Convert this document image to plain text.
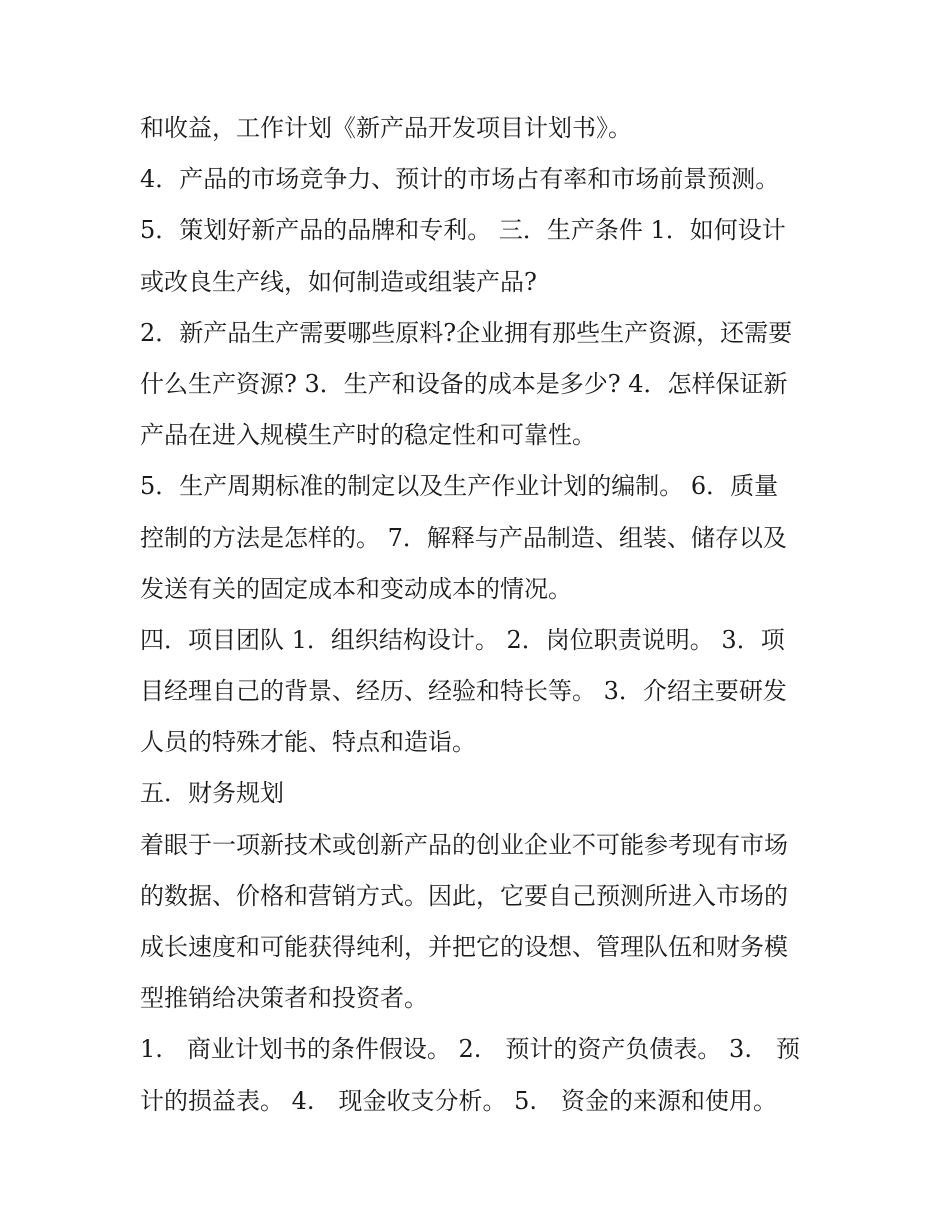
和收益，工作计划《新产品开发项目计划书》。
4．产品的市场竞争力、预计的市场占有率和市场前景预测。
5．策划好新产品的品牌和专利。 三．生产条件 1．如何设计
或改良生产线，如何制造或组装产品?
2．新产品生产需要哪些原料?企业拥有那些生产资源，还需要
什么生产资源? 3．生产和设备的成本是多少? 4．怎样保证新
产品在进入规模生产时的稳定性和可靠性。
5．生产周期标准的制定以及生产作业计划的编制。 6．质量
控制的方法是怎样的。 7．解释与产品制造、组装、储存以及
发送有关的固定成本和变动成本的情况。
四．项目团队 1．组织结构设计。 2．岗位职责说明。 3．项
目经理自己的背景、经历、经验和特长等。 3．介绍主要研发
人员的特殊才能、特点和造诣。
五．财务规划
着眼于一项新技术或创新产品的创业企业不可能参考现有市场
的数据、价格和营销方式。因此，它要自己预测所进入市场的
成长速度和可能获得纯利，并把它的设想、管理队伍和财务模
型推销给决策者和投资者。
1.　商业计划书的条件假设。 2.　预计的资产负债表。 3.　预
计的损益表。 4.　现金收支分析。 5.　资金的来源和使用。
